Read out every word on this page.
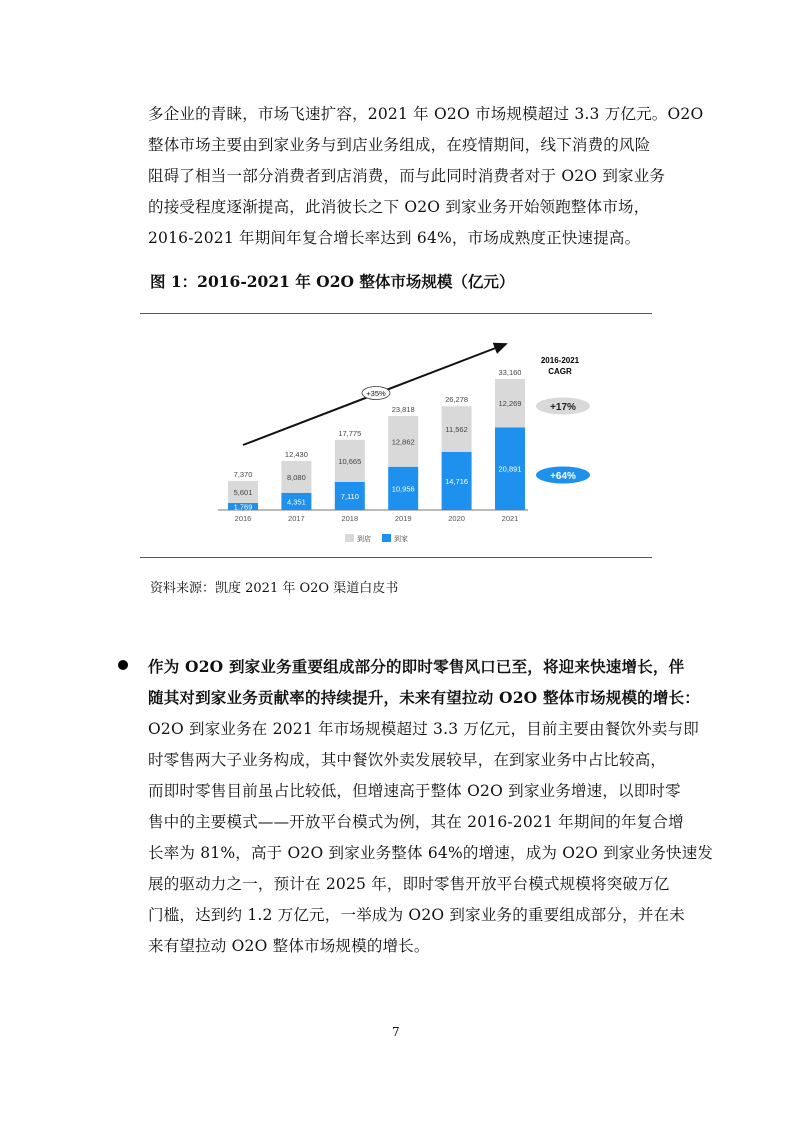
多企业的青睐，市场飞速扩容，2021 年 O2O 市场规模超过 3.3 万亿元。O2O
整体市场主要由到家业务与到店业务组成，在疫情期间，线下消费的风险
阻碍了相当一部分消费者到店消费，而与此同时消费者对于 O2O 到家业务
的接受程度逐渐提高，此消彼长之下 O2O 到家业务开始领跑整体市场，
2016-2021 年期间年复合增长率达到 64%，市场成熟度正快速提高。
图 1：2016-2021 年 O2O 整体市场规模（亿元）
1,769
5,601
7,370
2016
4,351
8,080
12,430
2017
7,110
10,665
17,775
2018
10,956
12,862
23,818
2019
14,716
11,562
26,278
2020
20,891
12,269
33,160
2021
+35%
2016-2021
CAGR
+17%
+64%
到店	到家
资料来源：凯度 2021 年 O2O 渠道白皮书
作为 O2O 到家业务重要组成部分的即时零售风口已至，将迎来快速增长，伴
随其对到家业务贡献率的持续提升，未来有望拉动 O2O 整体市场规模的增长：
O2O 到家业务在 2021 年市场规模超过 3.3 万亿元，目前主要由餐饮外卖与即
时零售两大子业务构成，其中餐饮外卖发展较早，在到家业务中占比较高，
而即时零售目前虽占比较低，但增速高于整体 O2O 到家业务增速，以即时零
售中的主要模式——开放平台模式为例，其在 2016-2021 年期间的年复合增
长率为 81%，高于 O2O 到家业务整体 64%的增速，成为 O2O 到家业务快速发
展的驱动力之一，预计在 2025 年，即时零售开放平台模式规模将突破万亿
门槛，达到约 1.2 万亿元，一举成为 O2O 到家业务的重要组成部分，并在未
来有望拉动 O2O 整体市场规模的增长。
7
